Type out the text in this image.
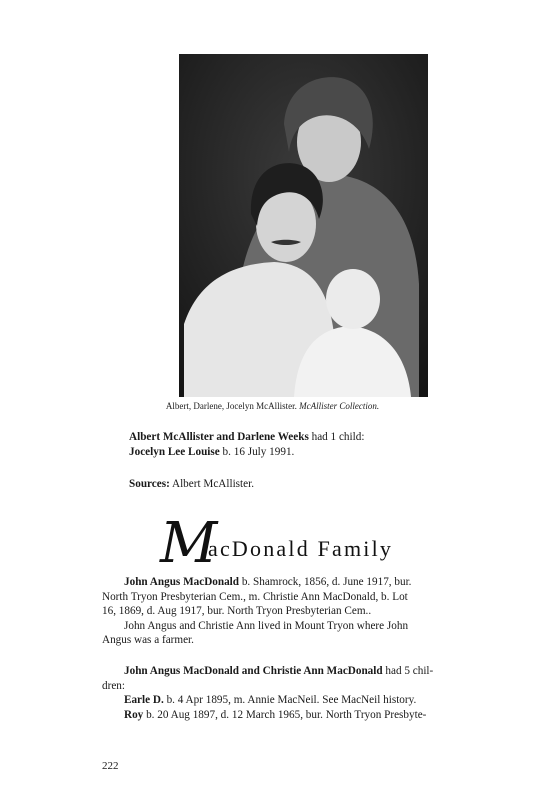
Albert, Darlene, Jocelyn McAllister. McAllister Collection.
Albert McAllister and Darlene Weeks had 1 child:
Jocelyn Lee Louise b. 16 July 1991.
Sources: Albert McAllister.
M
acDonald Family
John Angus MacDonald b. Shamrock, 1856, d. June 1917, bur.
North Tryon Presbyterian Cem., m. Christie Ann MacDonald, b. Lot
16, 1869, d. Aug 1917, bur. North Tryon Presbyterian Cem..
John Angus and Christie Ann lived in Mount Tryon where John
Angus was a farmer.
John Angus MacDonald and Christie Ann MacDonald had 5 chil-
dren:
Earle D. b. 4 Apr 1895, m. Annie MacNeil. See MacNeil history.
Roy b. 20 Aug 1897, d. 12 March 1965, bur. North Tryon Presbyte-
222
